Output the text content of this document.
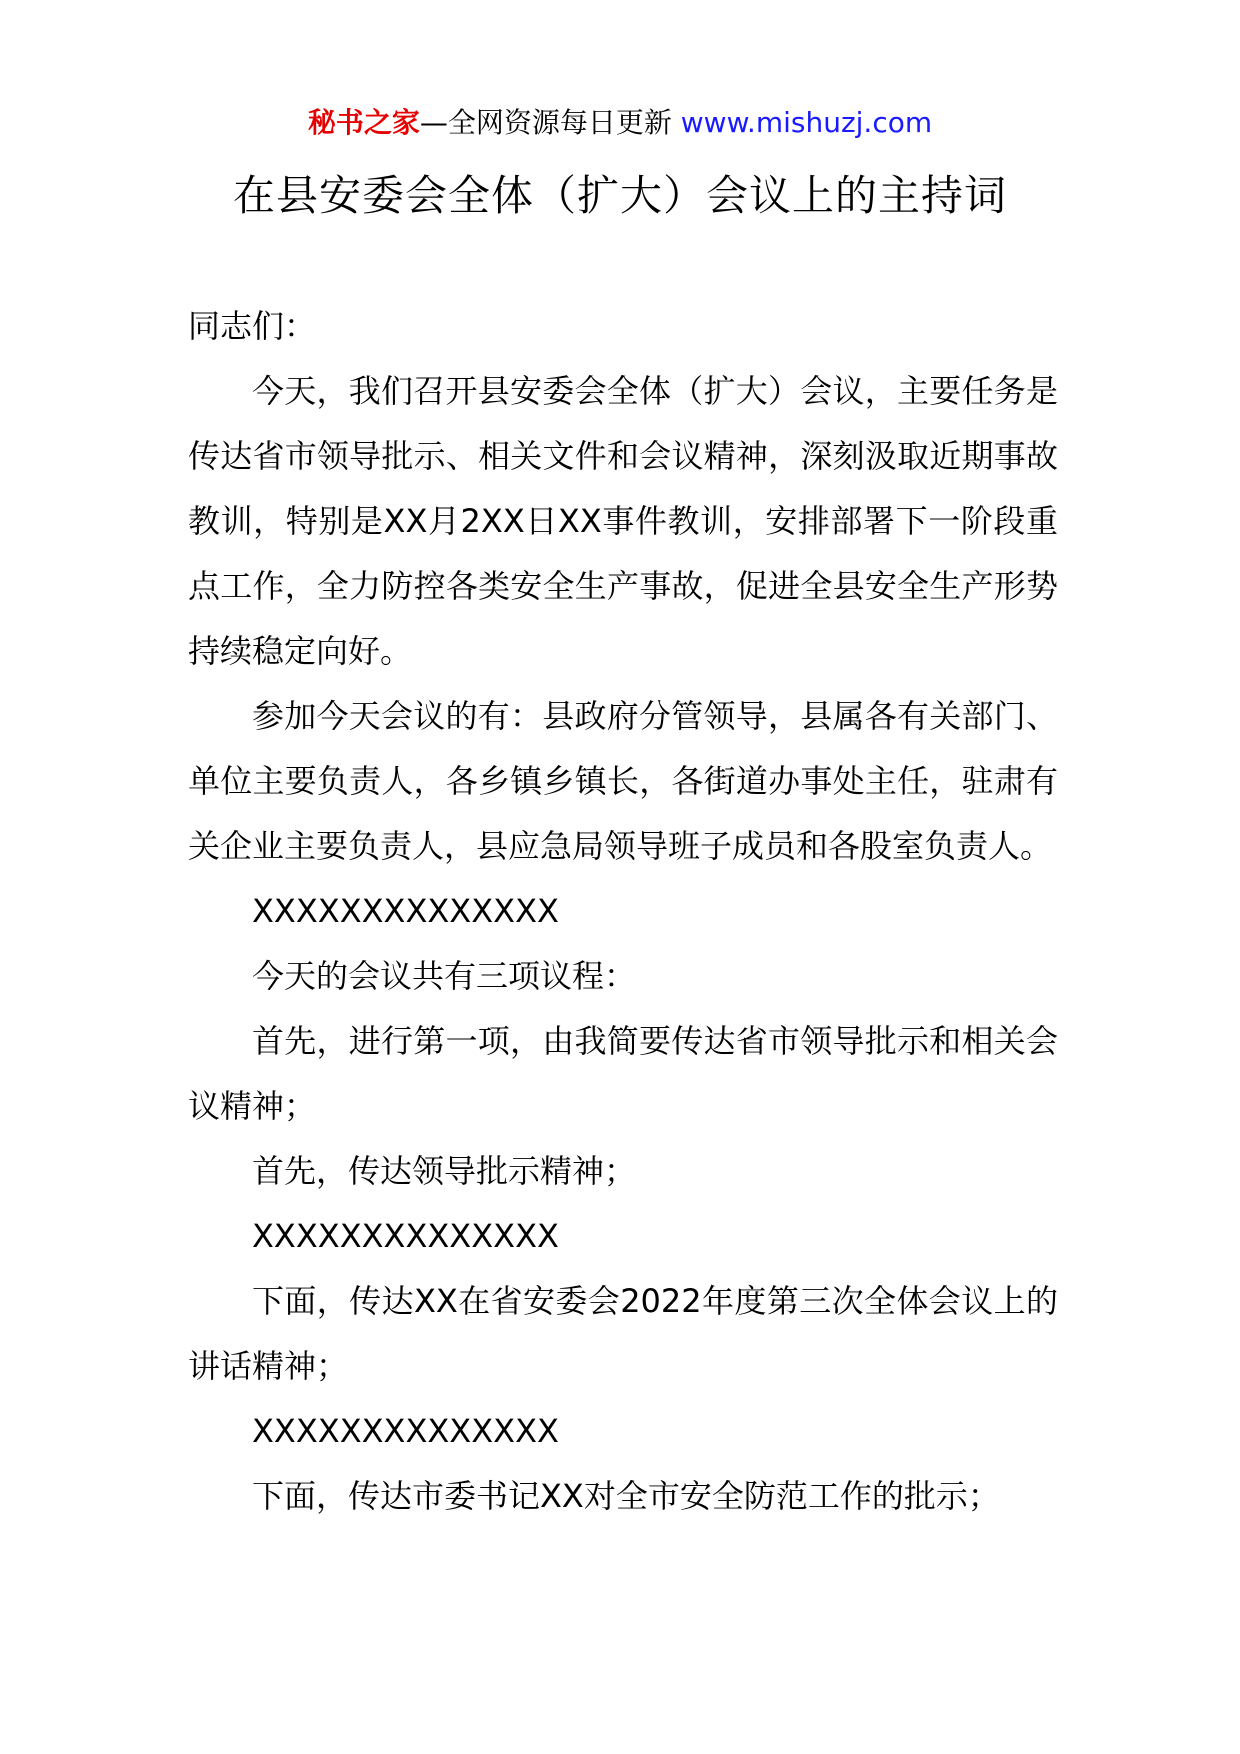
秘书之家—全网资源每日更新 www.mishuzj.com
在县安委会全体（扩大）会议上的主持词

同志们：

今天，我们召开县安委会全体（扩大）会议，主要任务是传达省市领导批示、相关文件和会议精神，深刻汲取近期事故教训，特别是XX月2XX日XX事件教训，安排部署下一阶段重点工作，全力防控各类安全生产事故，促进全县安全生产形势持续稳定向好。

参加今天会议的有：县政府分管领导，县属各有关部门、单位主要负责人，各乡镇乡镇长，各街道办事处主任，驻肃有关企业主要负责人，县应急局领导班子成员和各股室负责人。

XXXXXXXXXXXXXX

今天的会议共有三项议程：

首先，进行第一项，由我简要传达省市领导批示和相关会议精神；

首先，传达领导批示精神；

XXXXXXXXXXXXXX

下面，传达XX在省安委会2022年度第三次全体会议上的讲话精神；

XXXXXXXXXXXXXX

下面，传达市委书记XX对全市安全防范工作的批示；
